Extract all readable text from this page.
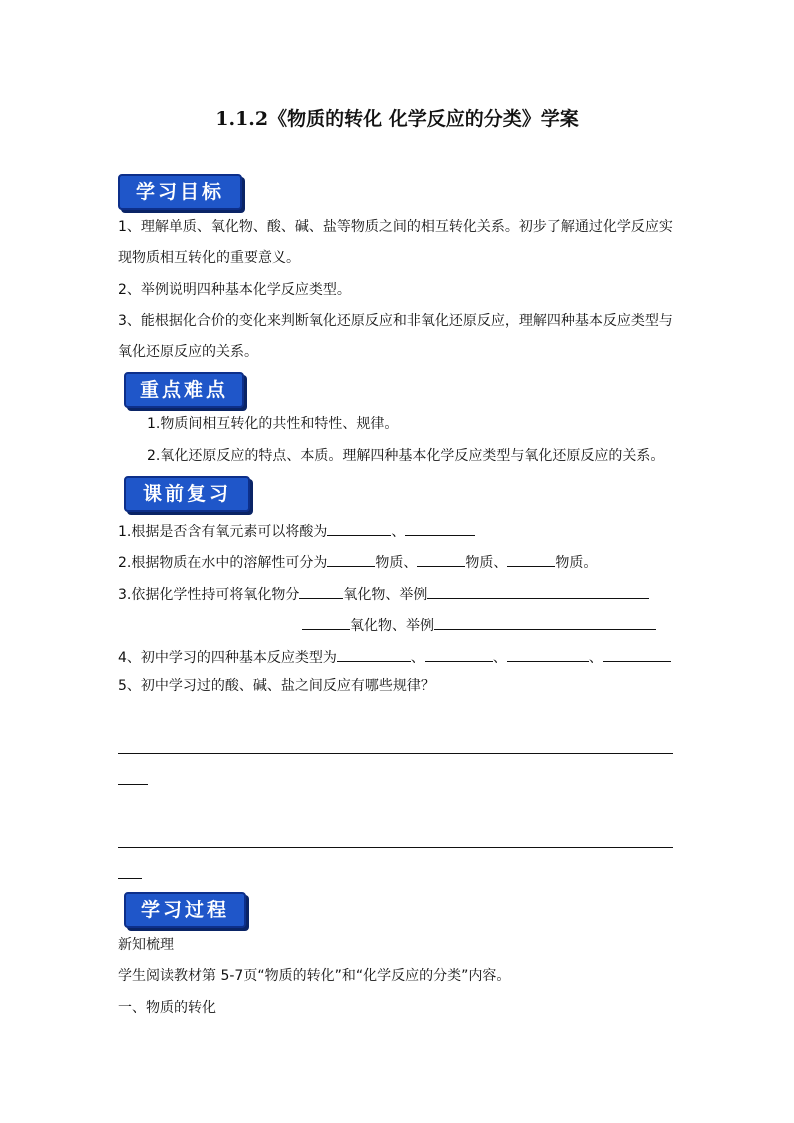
1.1.2《物质的转化 化学反应的分类》学案
学习目标
1、理解单质、氧化物、酸、碱、盐等物质之间的相互转化关系。初步了解通过化学反应实
现物质相互转化的重要意义。
2、举例说明四种基本化学反应类型。
3、能根据化合价的变化来判断氧化还原反应和非氧化还原反应，理解四种基本反应类型与
氧化还原反应的关系。
重点难点
1.物质间相互转化的共性和特性、规律。
2.氧化还原反应的特点、本质。理解四种基本化学反应类型与氧化还原反应的关系。
课前复习
1.根据是否含有氧元素可以将酸为	、
2.根据物质在水中的溶解性可分为	物质、	物质、	物质。
3.依据化学性持可将氧化物分	氧化物、举例
氧化物、举例
4、初中学习的四种基本反应类型为	、	、	、
5、初中学习过的酸、碱、盐之间反应有哪些规律？
学习过程
新知梳理
学生阅读教材第 5-7页“物质的转化”和“化学反应的分类”内容。
一、物质的转化
